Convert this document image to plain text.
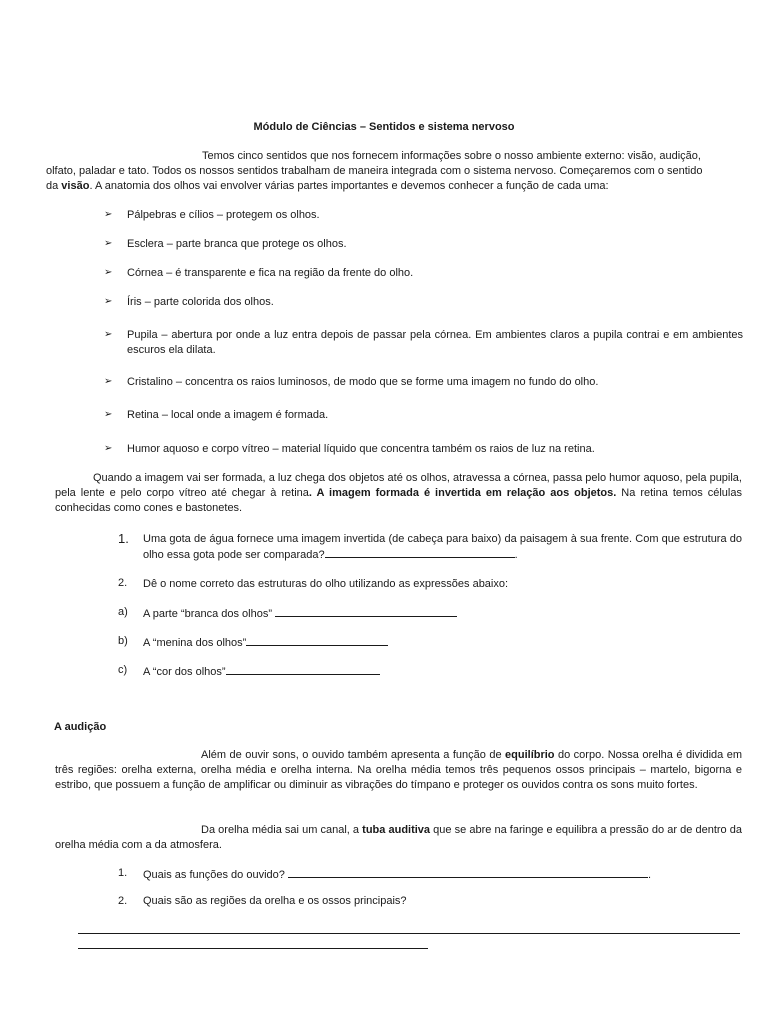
Módulo de Ciências – Sentidos e sistema nervoso
Temos cinco sentidos que nos fornecem informações sobre o nosso ambiente externo: visão, audição,
olfato, paladar e tato. Todos os nossos sentidos trabalham de maneira integrada com o sistema nervoso. Começaremos com o sentido
da visão. A anatomia dos olhos vai envolver várias partes importantes e devemos conhecer a função de cada uma:
➢ Pálpebras e cílios – protegem os olhos.
➢ Esclera – parte branca que protege os olhos.
➢ Córnea – é transparente e fica na região da frente do olho.
➢ Íris – parte colorida dos olhos.
➢ Pupila – abertura por onde a luz entra depois de passar pela córnea. Em ambientes claros a pupila contrai e em ambientes escuros ela dilata.
➢ Cristalino – concentra os raios luminosos, de modo que se forme uma imagem no fundo do olho.
➢ Retina – local onde a imagem é formada.
➢ Humor aquoso e corpo vítreo – material líquido que concentra também os raios de luz na retina.
Quando a imagem vai ser formada, a luz chega dos objetos até os olhos, atravessa a córnea, passa pelo humor aquoso, pela pupila, pela lente e pelo corpo vítreo até chegar à retina. A imagem formada é invertida em relação aos objetos. Na retina temos células conhecidas como cones e bastonetes.
1. Uma gota de água fornece uma imagem invertida (de cabeça para baixo) da paisagem à sua frente. Com que estrutura do olho essa gota pode ser comparada?	.
2. Dê o nome correto das estruturas do olho utilizando as expressões abaixo:
a) A parte “branca dos olhos”
b) A “menina dos olhos”
c) A “cor dos olhos”
A audição
Além de ouvir sons, o ouvido também apresenta a função de equilíbrio do corpo. Nossa orelha é dividida em três regiões: orelha externa, orelha média e orelha interna. Na orelha média temos três pequenos ossos principais – martelo, bigorna e estribo, que possuem a função de amplificar ou diminuir as vibrações do tímpano e proteger os ouvidos contra os sons muito fortes.
Da orelha média sai um canal, a tuba auditiva que se abre na faringe e equilibra a pressão do ar de dentro da orelha média com a da atmosfera.
1. Quais as funções do ouvido?	.
2. Quais são as regiões da orelha e os ossos principais?
